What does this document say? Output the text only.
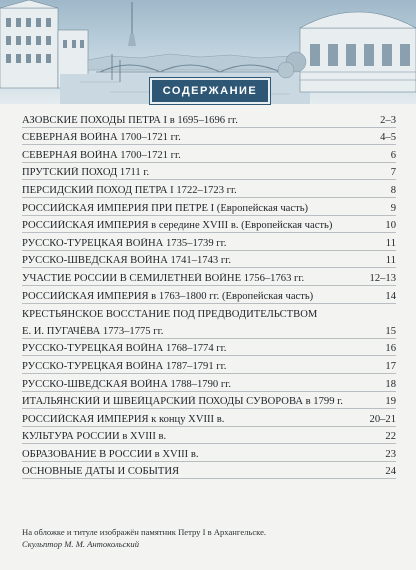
СОДЕРЖАНИЕ
АЗОВСКИЕ ПОХОДЫ ПЕТРА I в 1695–1696 гг.	2–3
СЕВЕРНАЯ ВОЙНА 1700–1721 гг.	4–5
СЕВЕРНАЯ ВОЙНА 1700–1721 гг.	6
ПРУТСКИЙ ПОХОД 1711 г.	7
ПЕРСИДСКИЙ ПОХОД ПЕТРА I 1722–1723 гг.	8
РОССИЙСКАЯ ИМПЕРИЯ ПРИ ПЕТРЕ I (Европейская часть)	9
РОССИЙСКАЯ ИМПЕРИЯ в середине XVIII в. (Европейская часть)	10
РУССКО-ТУРЕЦКАЯ ВОЙНА 1735–1739 гг.	11
РУССКО-ШВЕДСКАЯ ВОЙНА 1741–1743 гг.	11
УЧАСТИЕ РОССИИ В СЕМИЛЕТНЕЙ ВОЙНЕ 1756–1763 гг.	12–13
РОССИЙСКАЯ ИМПЕРИЯ в 1763–1800 гг. (Европейская часть)	14
КРЕСТЬЯНСКОЕ ВОССТАНИЕ ПОД ПРЕДВОДИТЕЛЬСТВОМ
Е. И. ПУГАЧЁВА 1773–1775 гг.	15
РУССКО-ТУРЕЦКАЯ ВОЙНА 1768–1774 гг.	16
РУССКО-ТУРЕЦКАЯ ВОЙНА 1787–1791 гг.	17
РУССКО-ШВЕДСКАЯ ВОЙНА 1788–1790 гг.	18
ИТАЛЬЯНСКИЙ И ШВЕЙЦАРСКИЙ ПОХОДЫ СУВОРОВА в 1799 г.	19
РОССИЙСКАЯ ИМПЕРИЯ к концу XVIII в.	20–21
КУЛЬТУРА РОССИИ в XVIII в.	22
ОБРАЗОВАНИЕ В РОССИИ в XVIII в.	23
ОСНОВНЫЕ ДАТЫ И СОБЫТИЯ	24
На обложке и титуле изображён памятник Петру I в Архангельске.
Скульптор М. М. Антокольский
